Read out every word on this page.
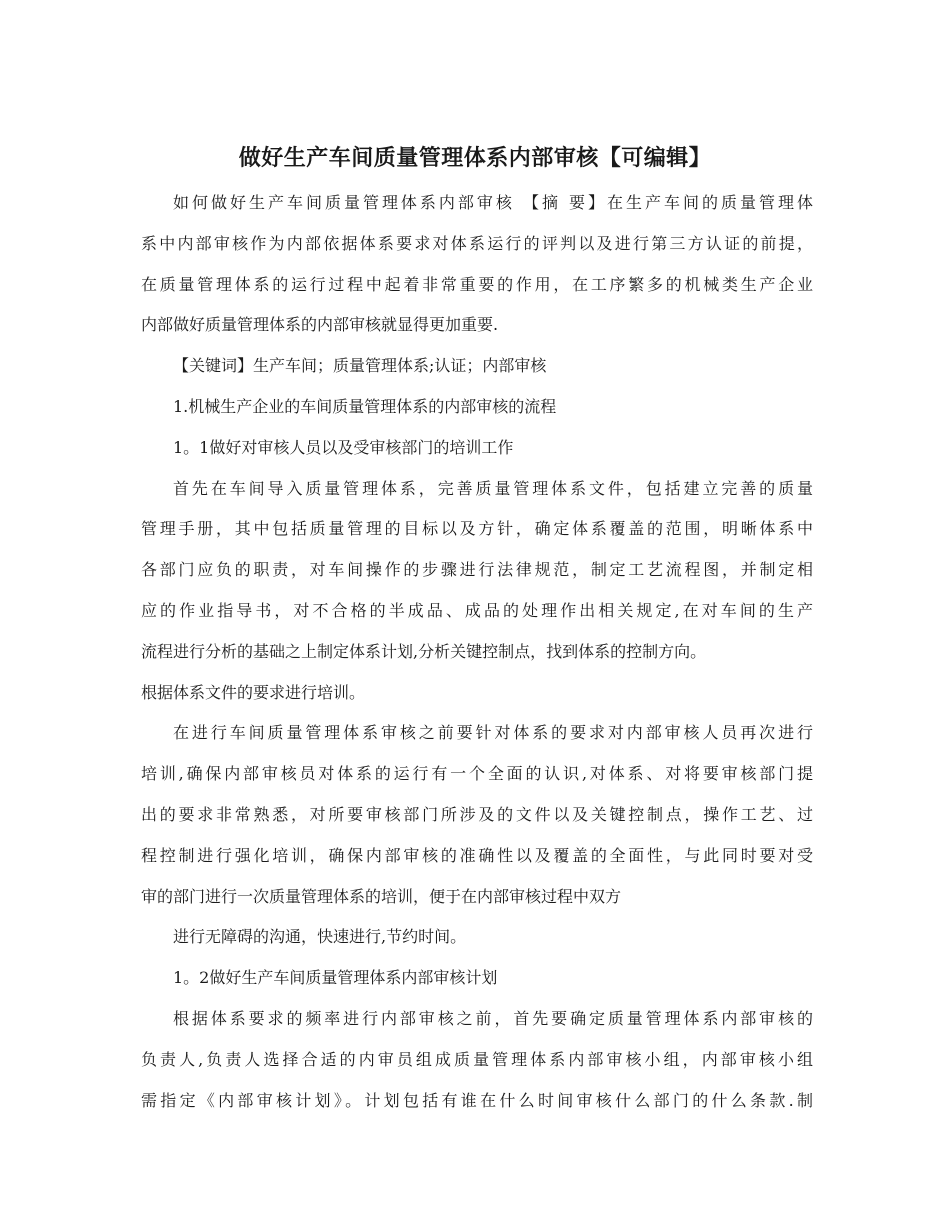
做好生产车间质量管理体系内部审核【可编辑】
如何做好生产车间质量管理体系内部审核 【摘 要】在生产车间的质量管理体
系中内部审核作为内部依据体系要求对体系运行的评判以及进行第三方认证的前提，
在质量管理体系的运行过程中起着非常重要的作用，在工序繁多的机械类生产企业
内部做好质量管理体系的内部审核就显得更加重要.
【关键词】生产车间；质量管理体系;认证；内部审核
1.机械生产企业的车间质量管理体系的内部审核的流程
1。1做好对审核人员以及受审核部门的培训工作
首先在车间导入质量管理体系，完善质量管理体系文件，包括建立完善的质量
管理手册，其中包括质量管理的目标以及方针，确定体系覆盖的范围，明晰体系中
各部门应负的职责，对车间操作的步骤进行法律规范，制定工艺流程图，并制定相
应的作业指导书，对不合格的半成品、成品的处理作出相关规定,在对车间的生产
流程进行分析的基础之上制定体系计划,分析关键控制点，找到体系的控制方向。
根据体系文件的要求进行培训。
在进行车间质量管理体系审核之前要针对体系的要求对内部审核人员再次进行
培训,确保内部审核员对体系的运行有一个全面的认识,对体系、对将要审核部门提
出的要求非常熟悉，对所要审核部门所涉及的文件以及关键控制点，操作工艺、过
程控制进行强化培训，确保内部审核的准确性以及覆盖的全面性，与此同时要对受
审的部门进行一次质量管理体系的培训，便于在内部审核过程中双方
进行无障碍的沟通，快速进行,节约时间。
1。2做好生产车间质量管理体系内部审核计划
根据体系要求的频率进行内部审核之前，首先要确定质量管理体系内部审核的
负责人,负责人选择合适的内审员组成质量管理体系内部审核小组，内部审核小组
需指定《内部审核计划》。计划包括有谁在什么时间审核什么部门的什么条款.制
